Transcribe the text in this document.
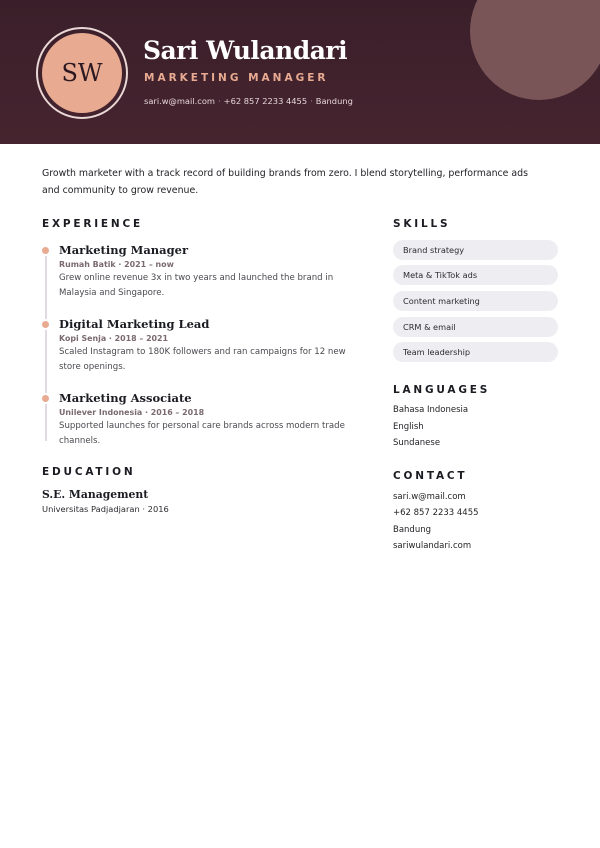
SW
Sari Wulandari
MARKETING MANAGER
sari.w@mail.com · +62 857 2233 4455 · Bandung
Growth marketer with a track record of building brands from zero. I blend storytelling, performance ads and community to grow revenue.
EXPERIENCE
Marketing Manager
Rumah Batik · 2021 – now
Grew online revenue 3x in two years and launched the brand in Malaysia and Singapore.
Digital Marketing Lead
Kopi Senja · 2018 – 2021
Scaled Instagram to 180K followers and ran campaigns for 12 new store openings.
Marketing Associate
Unilever Indonesia · 2016 – 2018
Supported launches for personal care brands across modern trade channels.
EDUCATION
S.E. Management
Universitas Padjadjaran · 2016
SKILLS
Brand strategy
Meta & TikTok ads
Content marketing
CRM & email
Team leadership
LANGUAGES
Bahasa Indonesia
English
Sundanese
CONTACT
sari.w@mail.com
+62 857 2233 4455
Bandung
sariwulandari.com
